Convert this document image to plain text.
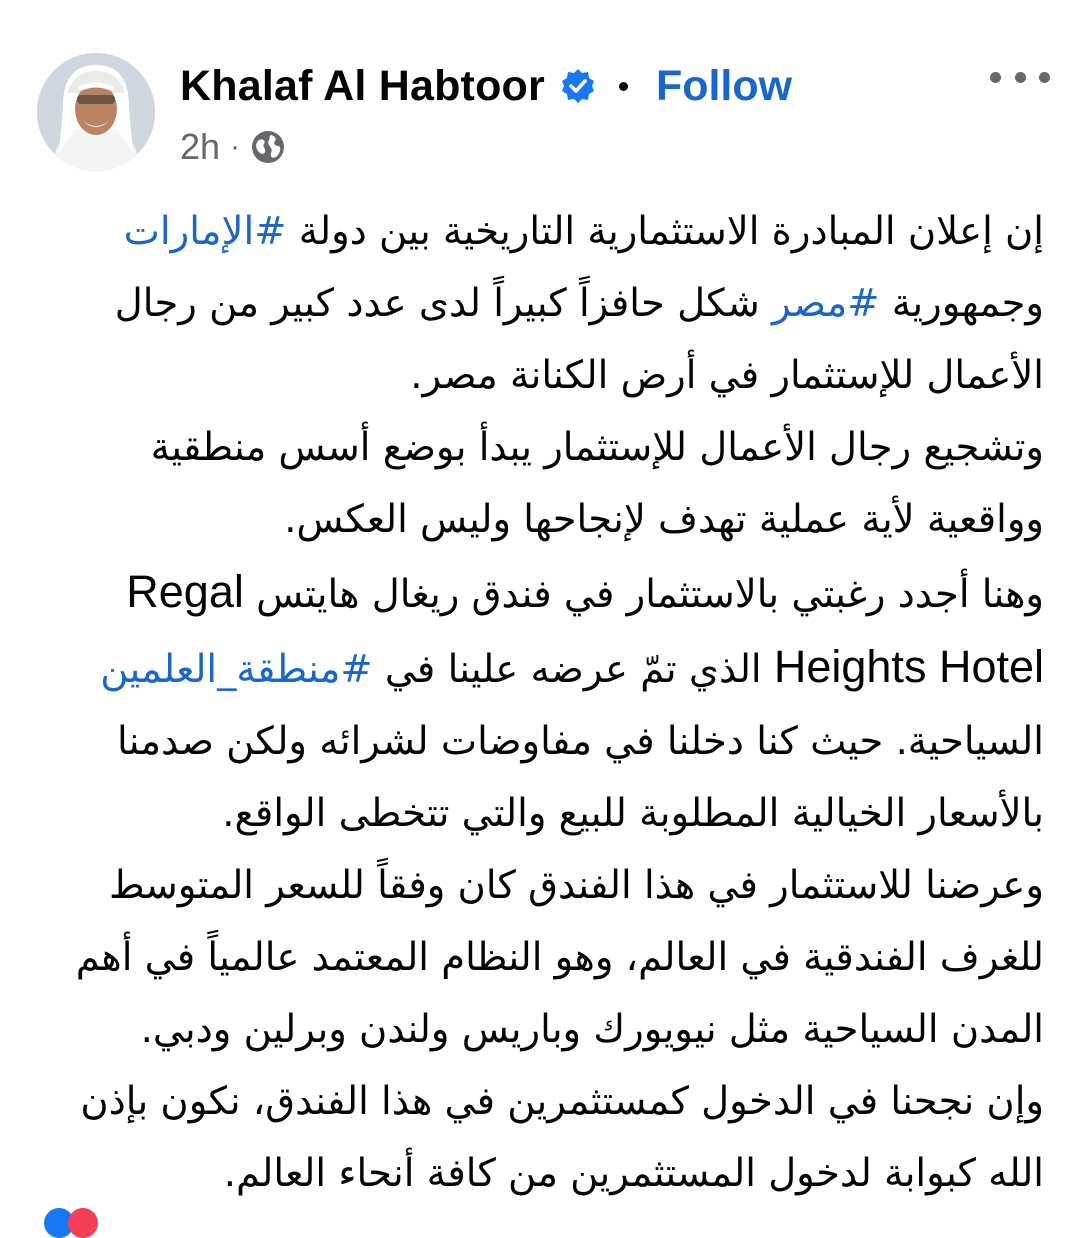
Khalaf Al Habtoor	Follow
2h ·

إن إعلان المبادرة الاستثمارية التاريخية بين دولة #الإمارات وجمهورية #مصر شكل حافزاً كبيراً لدى عدد كبير من رجال الأعمال للإستثمار في أرض الكنانة مصر.

وتشجيع رجال الأعمال للإستثمار يبدأ بوضع أسس منطقية وواقعية لأية عملية تهدف لإنجاحها وليس العكس.

وهنا أجدد رغبتي بالاستثمار في فندق ريغال هايتس Regal Heights Hotel الذي تمّ عرضه علينا في #منطقة_العلمين السياحية. حيث كنا دخلنا في مفاوضات لشرائه ولكن صدمنا بالأسعار الخيالية المطلوبة للبيع والتي تتخطى الواقع.

وعرضنا للاستثمار في هذا الفندق كان وفقاً للسعر المتوسط للغرف الفندقية في العالم، وهو النظام المعتمد عالمياً في أهم المدن السياحية مثل نيويورك وباريس ولندن وبرلين ودبي.

وإن نجحنا في الدخول كمستثمرين في هذا الفندق، نكون بإذن الله كبوابة لدخول المستثمرين من كافة أنحاء العالم.
